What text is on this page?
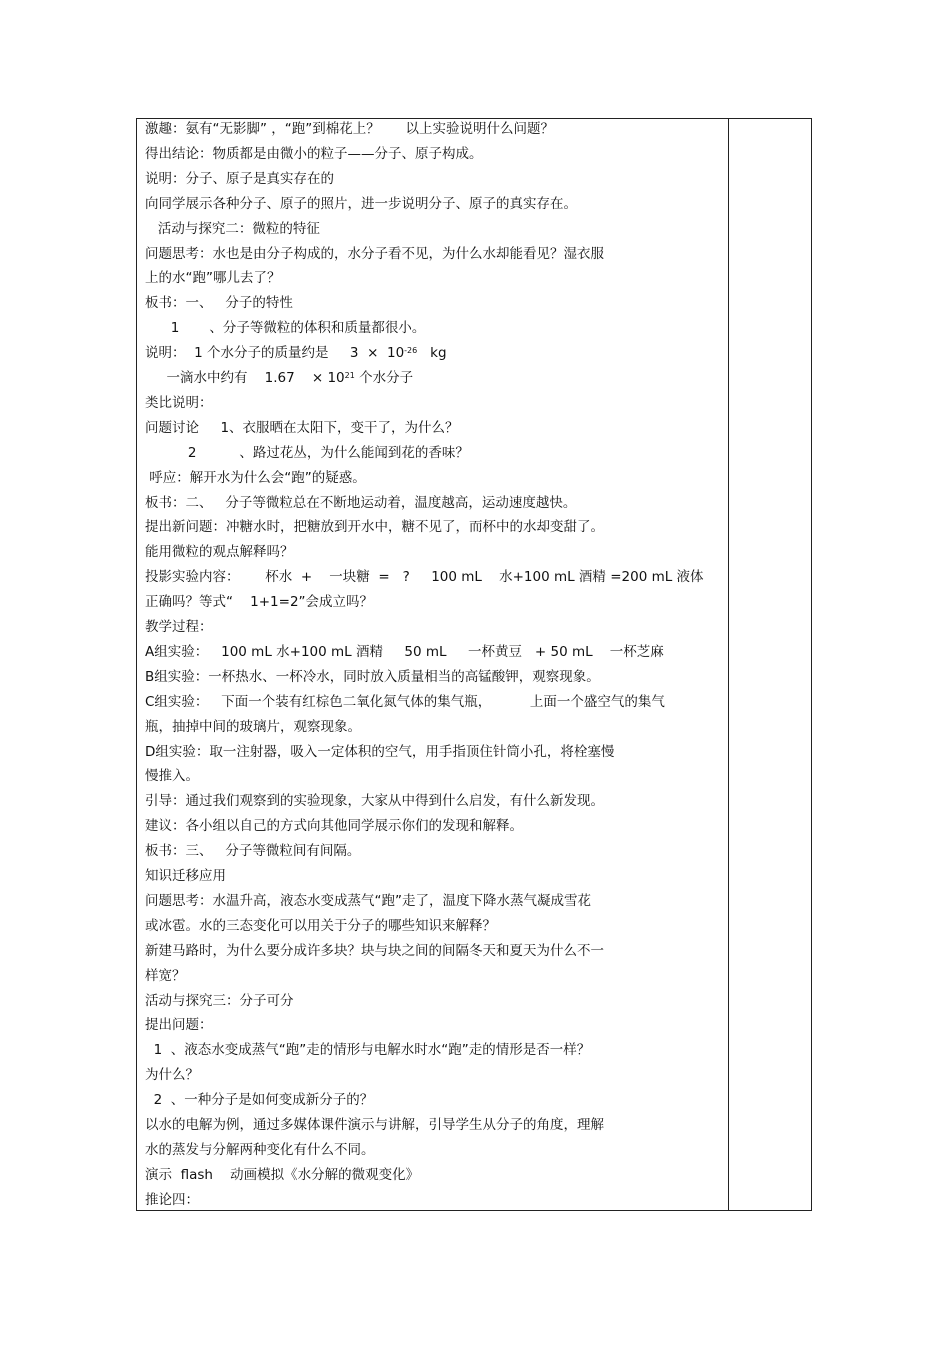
激趣：氨有“无影脚” ，“跑”到棉花上？      以上实验说明什么问题？
得出结论：物质都是由微小的粒子——分子、原子构成。
说明：分子、原子是真实存在的
向同学展示各种分子、原子的照片，进一步说明分子、原子的真实存在。
活动与探究二：微粒的特征
问题思考：水也是由分子构成的，水分子看不见，为什么水却能看见？湿衣服
上的水“跑”哪儿去了？
板书：一、   分子的特性
1       、分子等微粒的体积和质量都很小。
说明：  1 个水分子的质量约是     $3 \times 10^{-26}$   kg
一滴水中约有    1.67    × $10^{21}$ 个水分子
类比说明：
问题讨论     1、衣服晒在太阳下，变干了，为什么？
2          、路过花丛，为什么能闻到花的香味？
呼应：解开水为什么会“跑”的疑惑。
板书：二、   分子等微粒总在不断地运动着，温度越高，运动速度越快。
提出新问题：冲糖水时，把糖放到开水中，糖不见了，而杯中的水却变甜了。
能用微粒的观点解释吗？
投影实验内容：      杯水  +    一块糖  =   ?     100 mL    水+100 mL 酒精 =200 mL 液体
正确吗？等式“    1+1=2”会成立吗？
教学过程：
A组实验：   100 mL 水+100 mL 酒精     50 mL     一杯黄豆   + 50 mL    一杯芝麻
B组实验：一杯热水、一杯冷水，同时放入质量相当的高锰酸钾，观察现象。
C组实验：   下面一个装有红棕色二氧化氮气体的集气瓶，         上面一个盛空气的集气
瓶，抽掉中间的玻璃片，观察现象。
D组实验：取一注射器，吸入一定体积的空气，用手指顶住针筒小孔，将栓塞慢
慢推入。
引导：通过我们观察到的实验现象，大家从中得到什么启发，有什么新发现。
建议：各小组以自己的方式向其他同学展示你们的发现和解释。
板书：三、   分子等微粒间有间隔。
知识迁移应用
问题思考：水温升高，液态水变成蒸气“跑”走了，温度下降水蒸气凝成雪花
或冰雹。水的三态变化可以用关于分子的哪些知识来解释？
新建马路时，为什么要分成许多块？块与块之间的间隔冬天和夏天为什么不一
样宽？
活动与探究三：分子可分
提出问题：
1  、液态水变成蒸气“跑”走的情形与电解水时水“跑”走的情形是否一样？
为什么？
2  、一种分子是如何变成新分子的？
以水的电解为例，通过多媒体课件演示与讲解，引导学生从分子的角度，理解
水的蒸发与分解两种变化有什么不同。
演示  flash    动画模拟《水分解的微观变化》
推论四：
